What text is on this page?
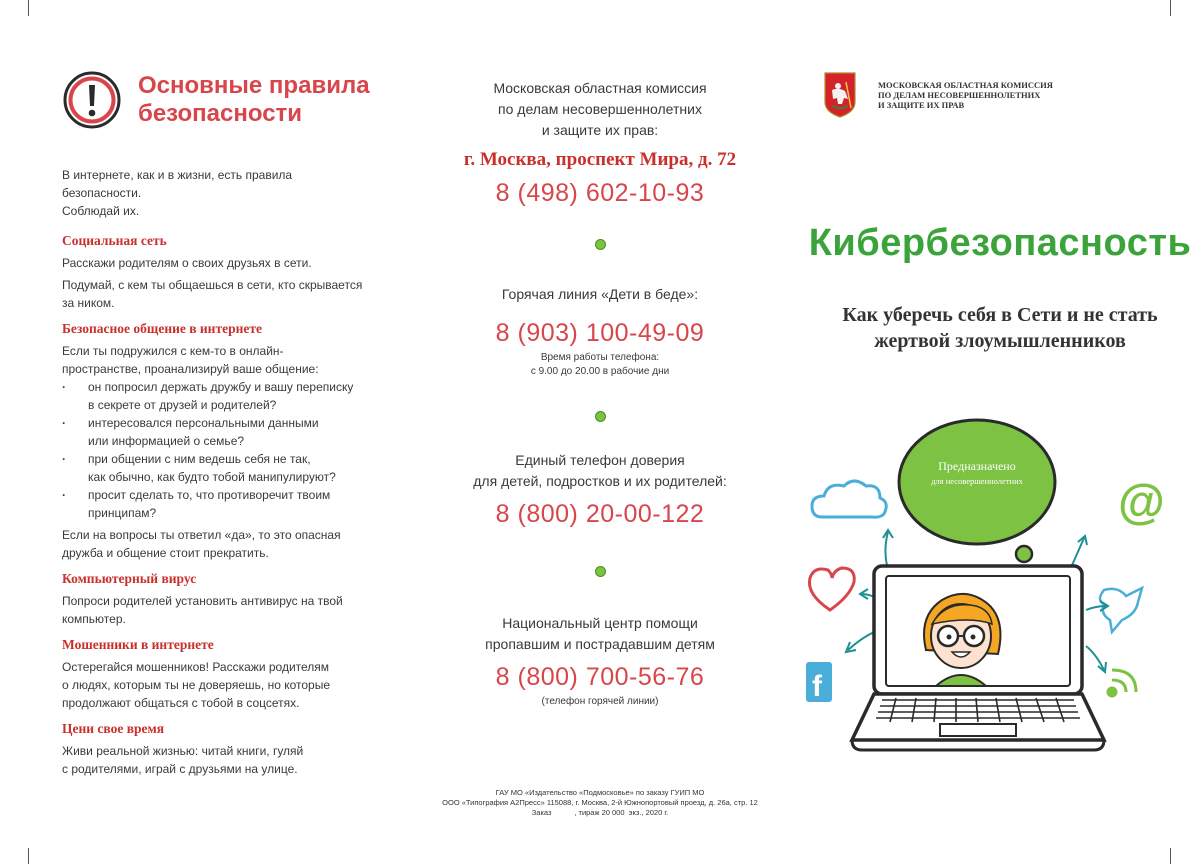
Основные правила
безопасности
В интернете, как и в жизни, есть правила безопасности.
Соблюдай их.
Социальная сеть
Расскажи родителям о своих друзьях в сети.
Подумай, с кем ты общаешься в сети, кто скрывается
за ником.
Безопасное общение в интернете
Если ты подружился с кем-то в онлайн-
пространстве, проанализируй ваше общение:
· он попросил держать дружбу и вашу переписку
в секрете от друзей и родителей?
· интересовался персональными данными
или информацией о семье?
· при общении с ним ведешь себя не так,
как обычно, как будто тобой манипулируют?
· просит сделать то, что противоречит твоим
принципам?
Если на вопросы ты ответил «да», то это опасная
дружба и общение стоит прекратить.
Компьютерный вирус
Попроси родителей установить антивирус на твой
компьютер.
Мошенники в интернете
Остерегайся мошенников! Расскажи родителям
о людях, которым ты не доверяешь, но которые
продолжают общаться с тобой в соцсетях.
Цени свое время
Живи реальной жизнью: читай книги, гуляй
с родителями, играй с друзьями на улице.
Московская областная комиссия
по делам несовершеннолетних
и защите их прав:
г. Москва, проспект Мира, д. 72
8 (498) 602-10-93
Горячая линия «Дети в беде»:
8 (903) 100-49-09
Время работы телефона:
с 9.00 до 20.00 в рабочие дни
Единый телефон доверия
для детей, подростков и их родителей:
8 (800) 20-00-122
Национальный центр помощи
пропавшим и пострадавшим детям
8 (800) 700-56-76
(телефон горячей линии)
ГАУ МО «Издательство «Подмосковье» по заказу ГУИП МО
ООО «Типография А2Пресс» 115088, г. Москва, 2-й Южнопортовый проезд, д. 26а, стр. 12
Заказ           , тираж 20 000  экз., 2020 г.
МОСКОВСКАЯ ОБЛАСТНАЯ КОМИССИЯ
ПО ДЕЛАМ НЕСОВЕРШЕННОЛЕТНИХ
И ЗАЩИТЕ ИХ ПРАВ
Кибербезопасность
Как уберечь себя в Сети и не стать
жертвой злоумышленников
@
f
Предназначено
для несовершеннолетних
